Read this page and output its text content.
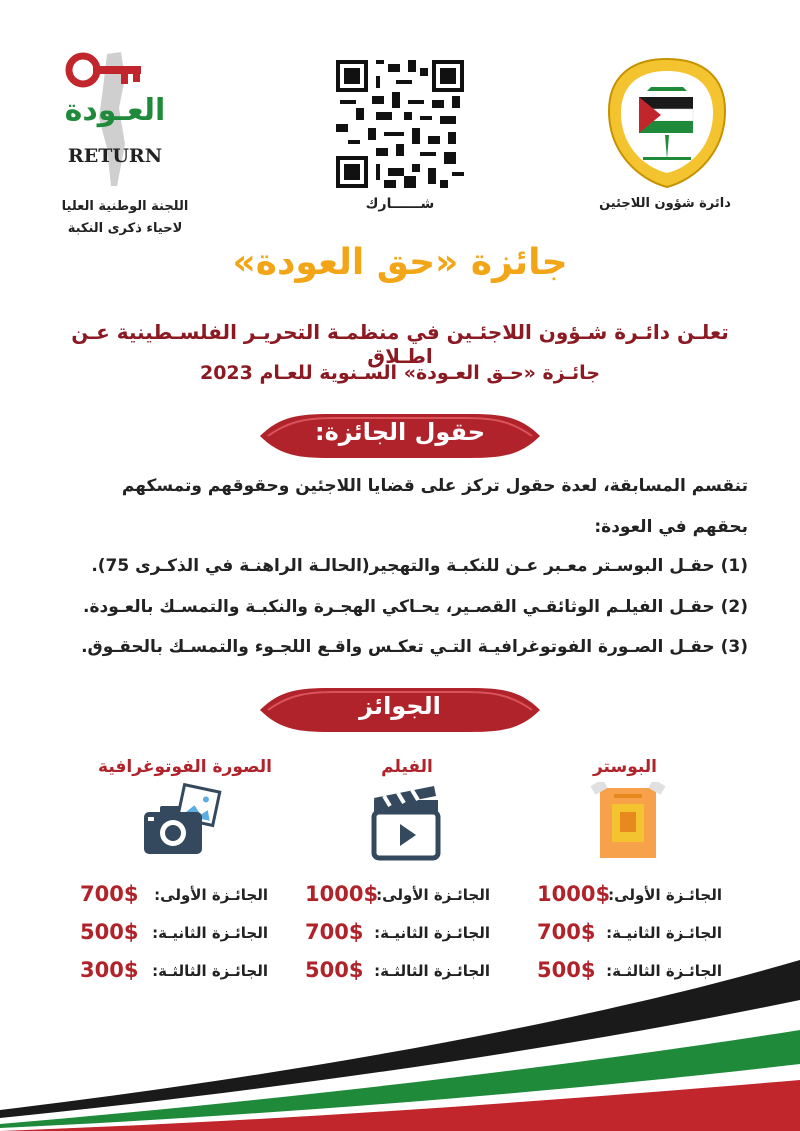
العـودة
RETURN
اللجنة الوطنية العليا
لاحياء ذكرى النكبة
شــــــارك	دائرة شؤون اللاجئين
جائزة «حق العودة»
تعلـن دائـرة شـؤون اللاجئـين في منظمـة التحريـر الفلسـطينية عـن اطـلاق
جائـزة «حـق العـودة» السـنوية للعـام 2023
حقول الجائزة:
تنقسم المسابقة، لعدة حقول تركز على قضايا اللاجئين وحقوقهم وتمسكهم
بحقهم في العودة:
(1) حقـل البوسـتر معـبر عـن للنكبـة والتهجير(الحالـة الراهنـة في الذكـرى 75).
(2) حقـل الفيلـم الوثائقـي القصـير، يحـاكي الهجـرة والنكبـة والتمسـك بالعـودة.
(3) حقـل الصـورة الفوتوغرافيـة التـي تعكـس واقـع اللجـوء والتمسـك بالحقـوق.
الجوائز
البوستر
الجائـزة الأولى:
1000$
الجائـزة الثانيـة:
700$
الجائـزة الثالثـة:
500$
الفيلم
الجائـزة الأولى:
1000$
الجائـزة الثانيـة:
700$
الجائـزة الثالثـة:
500$
الصورة الفوتوغرافية
الجائـزة الأولى:
700$
الجائـزة الثانيـة:
500$
الجائـزة الثالثـة:
300$
